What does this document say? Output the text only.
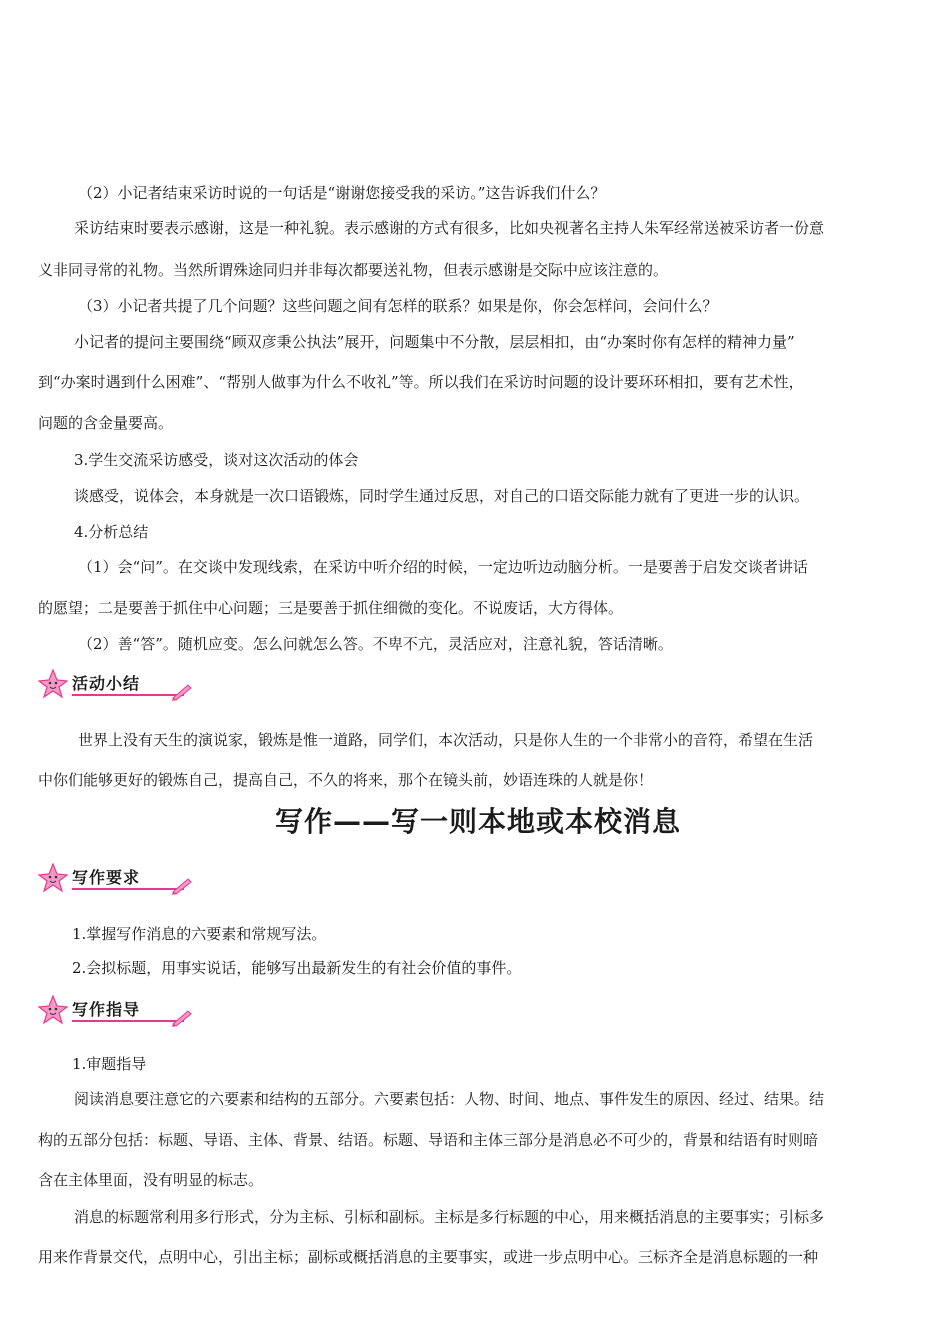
（2）小记者结束采访时说的一句话是“谢谢您接受我的采访。”这告诉我们什么？
采访结束时要表示感谢，这是一种礼貌。表示感谢的方式有很多，比如央视著名主持人朱军经常送被采访者一份意
义非同寻常的礼物。当然所谓殊途同归并非每次都要送礼物，但表示感谢是交际中应该注意的。
（3）小记者共提了几个问题？这些问题之间有怎样的联系？如果是你，你会怎样问，会问什么？
小记者的提问主要围绕“顾双彦秉公执法”展开，问题集中不分散，层层相扣，由“办案时你有怎样的精神力量”
到“办案时遇到什么困难”、“帮别人做事为什么不收礼”等。所以我们在采访时问题的设计要环环相扣，要有艺术性，
问题的含金量要高。
3.学生交流采访感受，谈对这次活动的体会
谈感受，说体会，本身就是一次口语锻炼，同时学生通过反思，对自己的口语交际能力就有了更进一步的认识。
4.分析总结
（1）会“问”。在交谈中发现线索，在采访中听介绍的时候，一定边听边动脑分析。一是要善于启发交谈者讲话
的愿望；二是要善于抓住中心问题；三是要善于抓住细微的变化。不说废话，大方得体。
（2）善“答”。随机应变。怎么问就怎么答。不卑不亢，灵活应对，注意礼貌，答话清晰。
活动小结
世界上没有天生的演说家，锻炼是惟一道路，同学们，本次活动，只是你人生的一个非常小的音符，希望在生活
中你们能够更好的锻炼自己，提高自己，不久的将来，那个在镜头前，妙语连珠的人就是你！
写作——写一则本地或本校消息
写作要求
1.掌握写作消息的六要素和常规写法。
2.会拟标题，用事实说话，能够写出最新发生的有社会价值的事件。
写作指导
1.审题指导
阅读消息要注意它的六要素和结构的五部分。六要素包括：人物、时间、地点、事件发生的原因、经过、结果。结
构的五部分包括：标题、导语、主体、背景、结语。标题、导语和主体三部分是消息必不可少的，背景和结语有时则暗
含在主体里面，没有明显的标志。
消息的标题常利用多行形式，分为主标、引标和副标。主标是多行标题的中心，用来概括消息的主要事实；引标多
用来作背景交代，点明中心，引出主标；副标或概括消息的主要事实，或进一步点明中心。三标齐全是消息标题的一种
